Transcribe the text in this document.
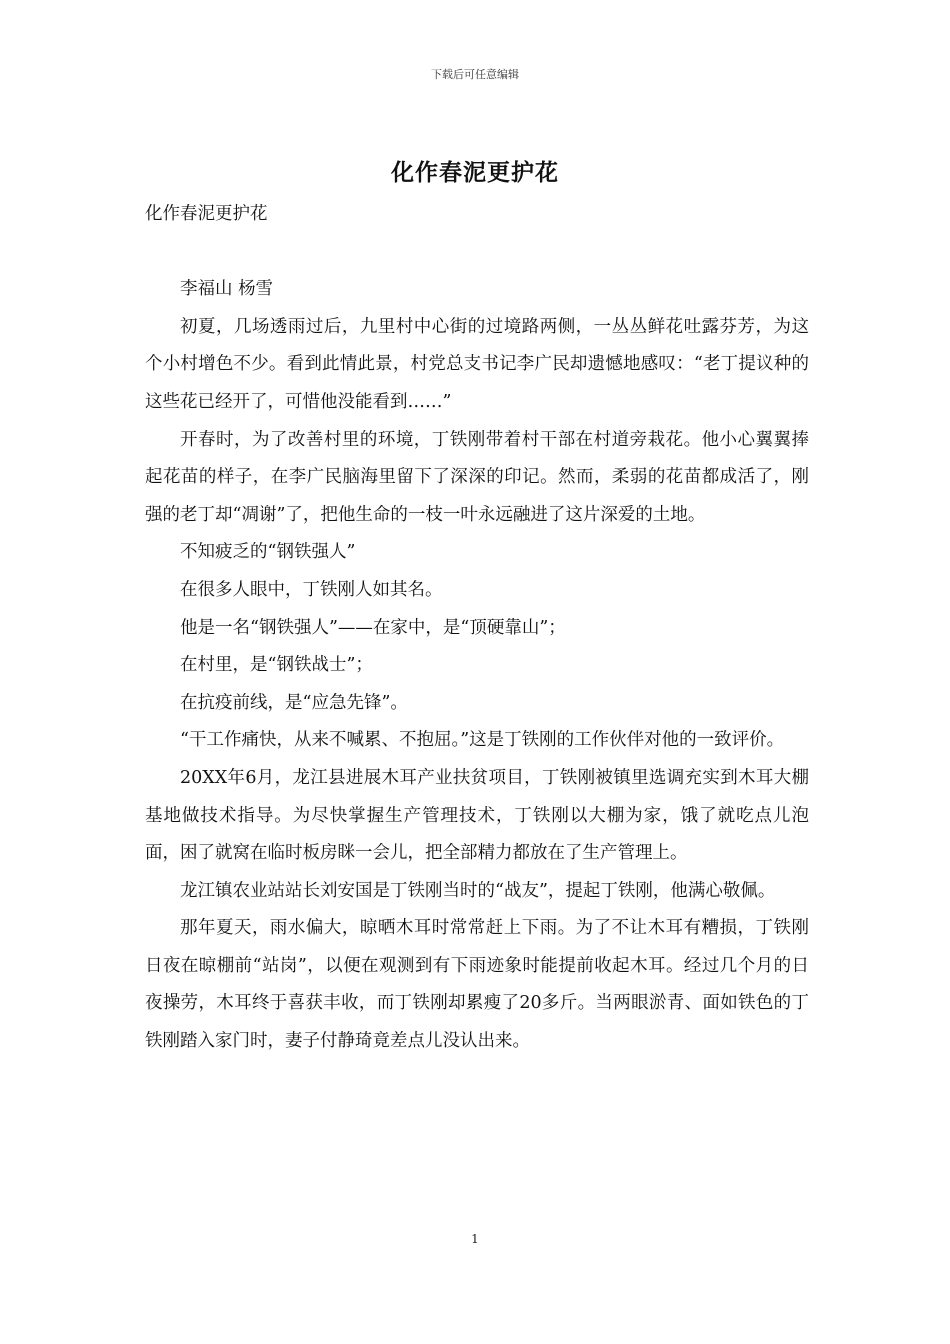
下载后可任意编辑
化作春泥更护花

化作春泥更护花

李福山 杨雪

初夏，几场透雨过后，九里村中心街的过境路两侧，一丛丛鲜花吐露芬芳，为这个小村增色不少。看到此情此景，村党总支书记李广民却遗憾地感叹：“老丁提议种的这些花已经开了，可惜他没能看到……”

开春时，为了改善村里的环境，丁铁刚带着村干部在村道旁栽花。他小心翼翼捧起花苗的样子，在李广民脑海里留下了深深的印记。然而，柔弱的花苗都成活了，刚强的老丁却“凋谢”了，把他生命的一枝一叶永远融进了这片深爱的土地。

不知疲乏的“钢铁强人”

在很多人眼中，丁铁刚人如其名。

他是一名“钢铁强人”——在家中，是“顶硬靠山”；

在村里，是“钢铁战士”；

在抗疫前线，是“应急先锋”。

“干工作痛快，从来不喊累、不抱屈。”这是丁铁刚的工作伙伴对他的一致评价。

20XX年6月，龙江县进展木耳产业扶贫项目，丁铁刚被镇里选调充实到木耳大棚基地做技术指导。为尽快掌握生产管理技术，丁铁刚以大棚为家，饿了就吃点儿泡面，困了就窝在临时板房眯一会儿，把全部精力都放在了生产管理上。

龙江镇农业站站长刘安国是丁铁刚当时的“战友”，提起丁铁刚，他满心敬佩。

那年夏天，雨水偏大，晾晒木耳时常常赶上下雨。为了不让木耳有糟损，丁铁刚日夜在晾棚前“站岗”，以便在观测到有下雨迹象时能提前收起木耳。经过几个月的日夜操劳，木耳终于喜获丰收，而丁铁刚却累瘦了20多斤。当两眼淤青、面如铁色的丁铁刚踏入家门时，妻子付静琦竟差点儿没认出来。

1
